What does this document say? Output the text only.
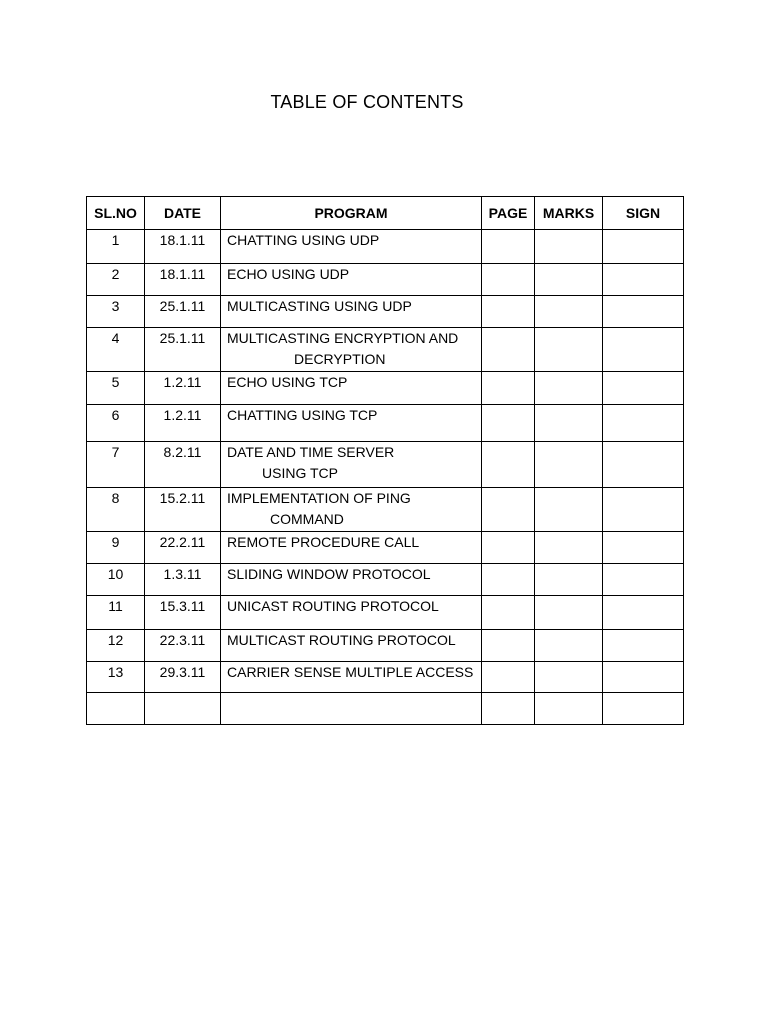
TABLE OF CONTENTS
SL.NO	DATE	PROGRAM	PAGE	MARKS	SIGN
1	18.1.11	CHATTING USING UDP			
2	18.1.11	ECHO USING UDP			
3	25.1.11	MULTICASTING USING UDP			
4	25.1.11	MULTICASTING ENCRYPTION AND
DECRYPTION			

5	1.2.11	ECHO USING TCP			
6	1.2.11	CHATTING USING TCP			
7	8.2.11	DATE AND TIME SERVER
USING TCP			

8	15.2.11	IMPLEMENTATION OF PING
COMMAND			

9	22.2.11	REMOTE PROCEDURE CALL			
10	1.3.11	SLIDING WINDOW PROTOCOL			
11	15.3.11	UNICAST ROUTING PROTOCOL			
12	22.3.11	MULTICAST ROUTING PROTOCOL			
13	29.3.11	CARRIER SENSE MULTIPLE ACCESS			
